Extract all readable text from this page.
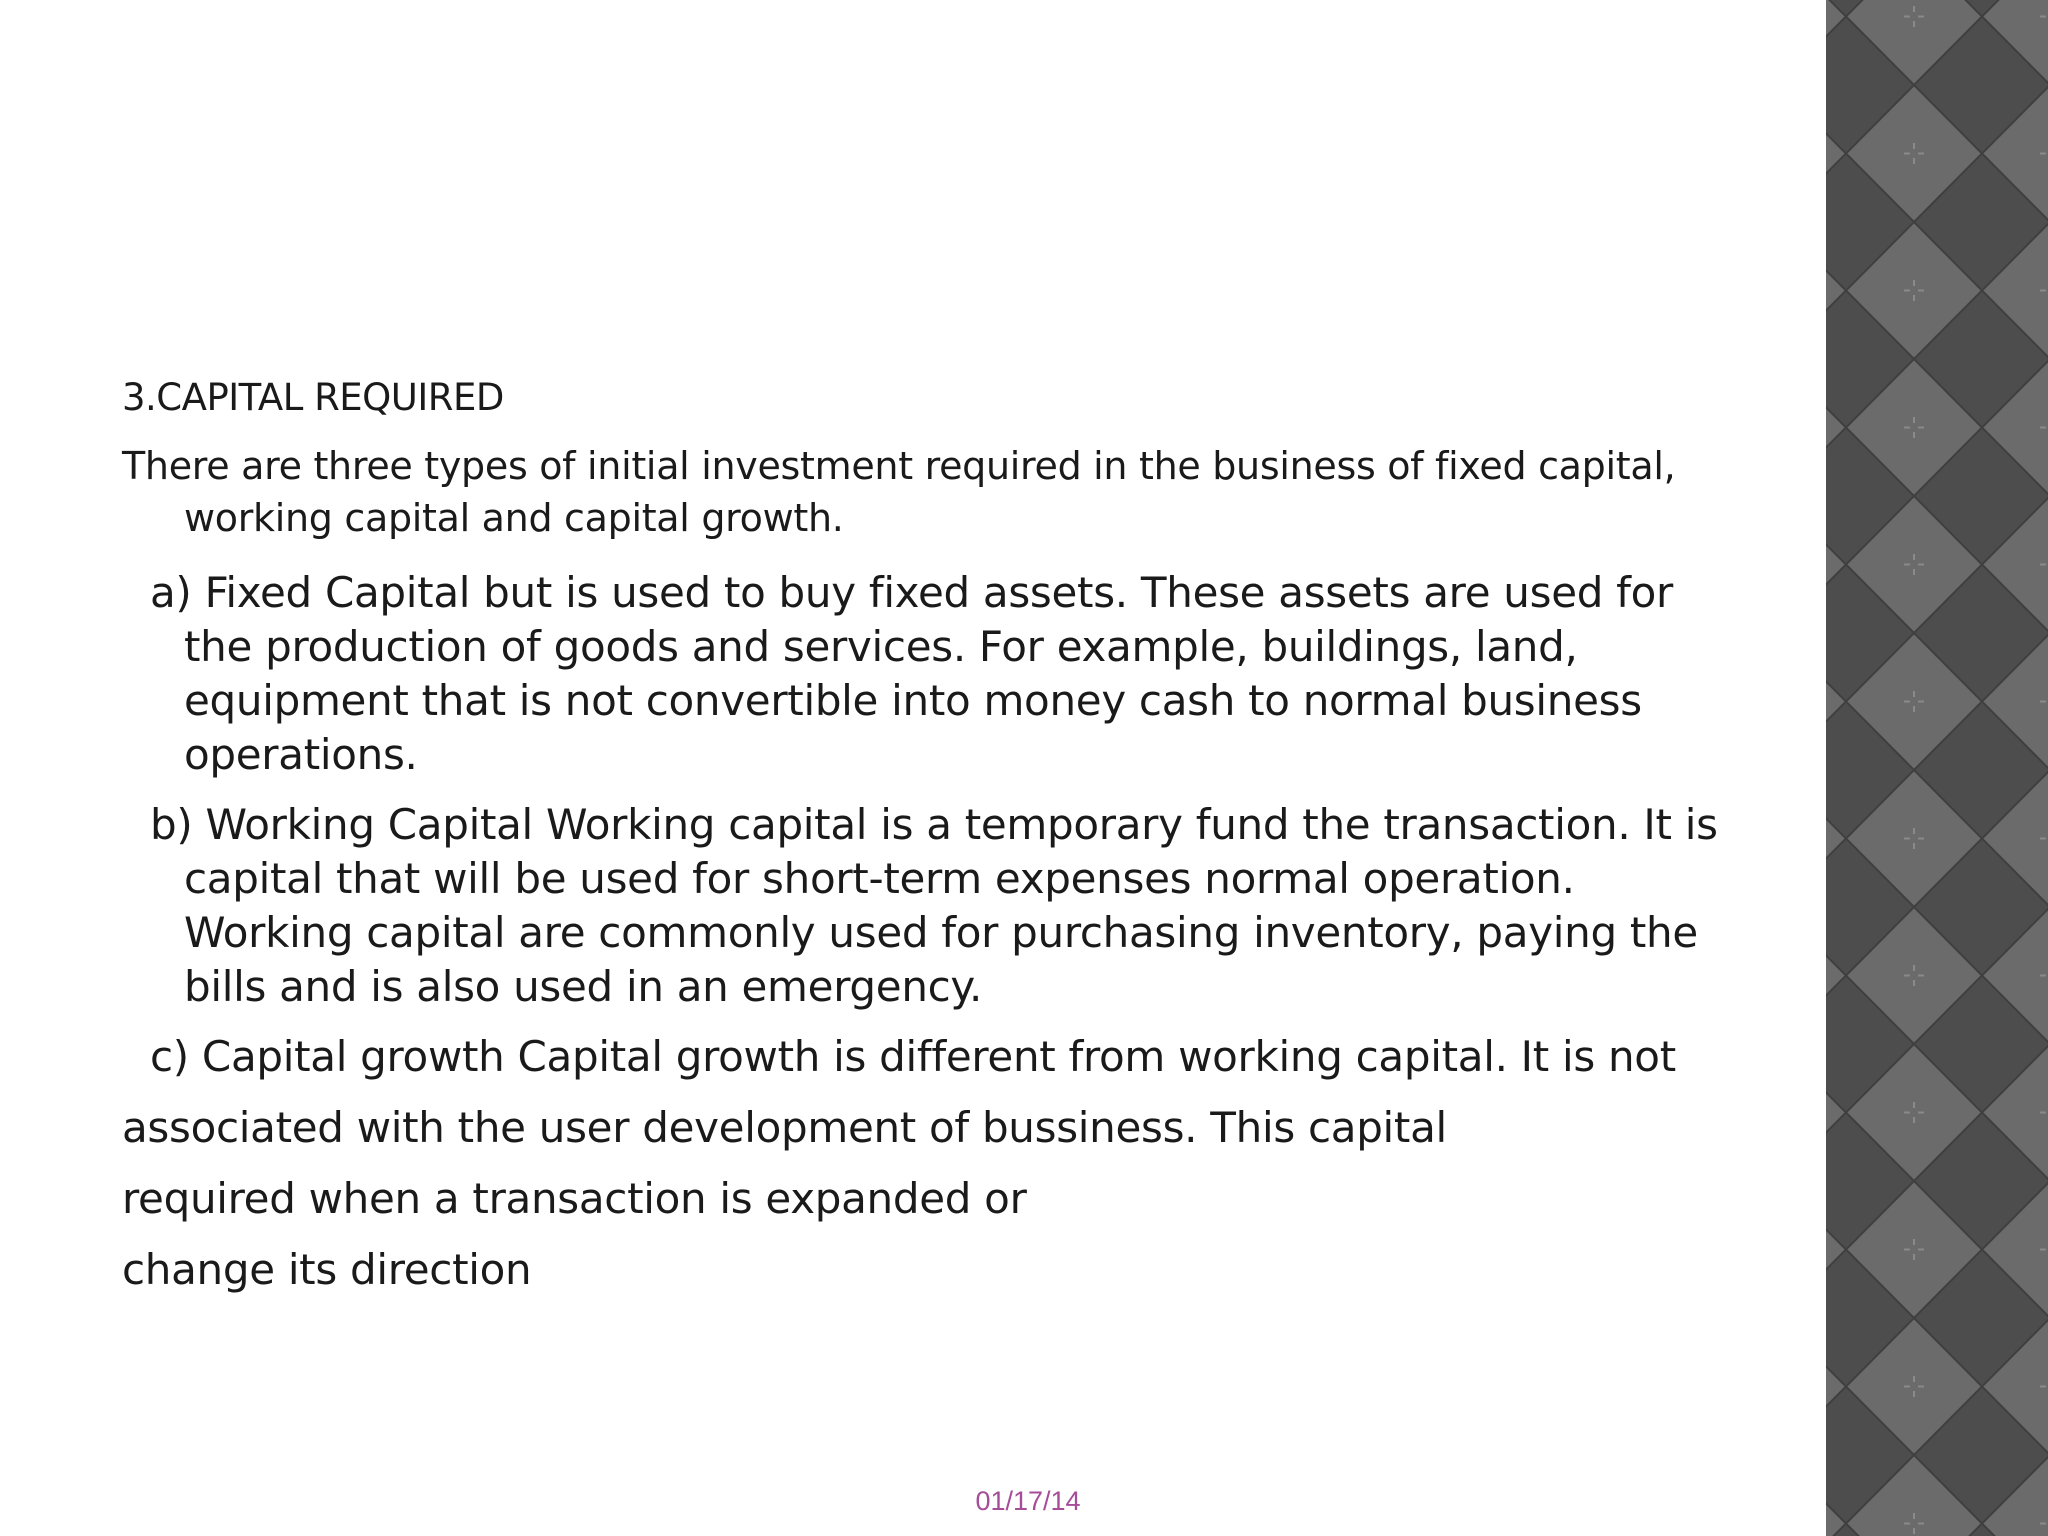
3.CAPITAL REQUIRED

There are three types of initial investment required in the business of fixed capital, working capital and capital growth.

a) Fixed Capital but is used to buy fixed assets. These assets are used for the production of goods and services. For example, buildings, land, equipment that is not convertible into money cash to normal business operations.

b) Working Capital Working capital is a temporary fund the transaction. It is capital that will be used for short-term expenses normal operation. Working capital are commonly used for purchasing inventory, paying the bills and is also used in an emergency.

c) Capital growth Capital growth is different from working capital. It is not

associated with the user development of bussiness. This capital

required when a transaction is expanded or

change its direction

01/17/14
